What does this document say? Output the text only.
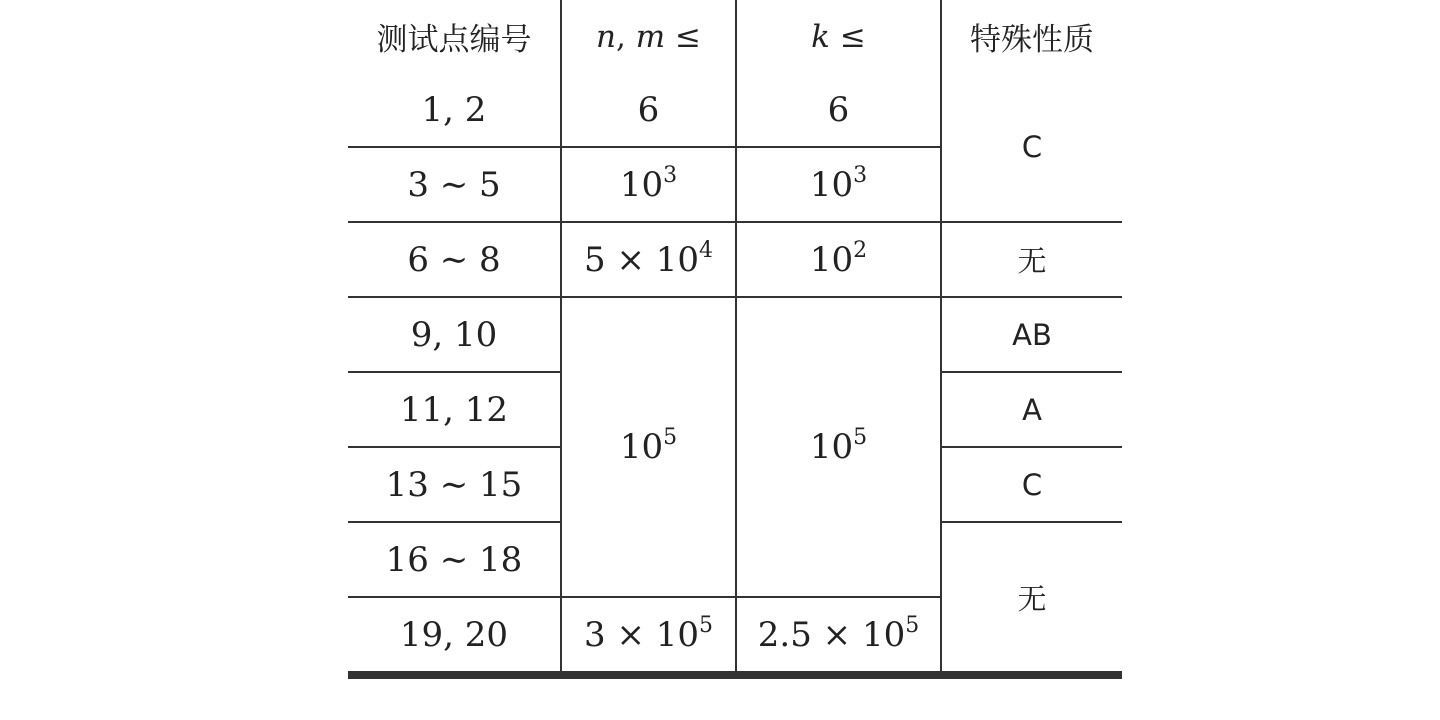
测试点编号	n, m ≤	k ≤	特殊性质
1, 2	6	6	C
3 ∼ 5	$10^3$	$10^3$
6 ∼ 8	$5 \times 10^4$	$10^2$	无
9, 10	$10^5$	$10^5$	AB
11, 12			A
13 ∼ 15			C
16 ∼ 18			无
19, 20	$3 \times 10^5$	$2.5 \times 10^5$
